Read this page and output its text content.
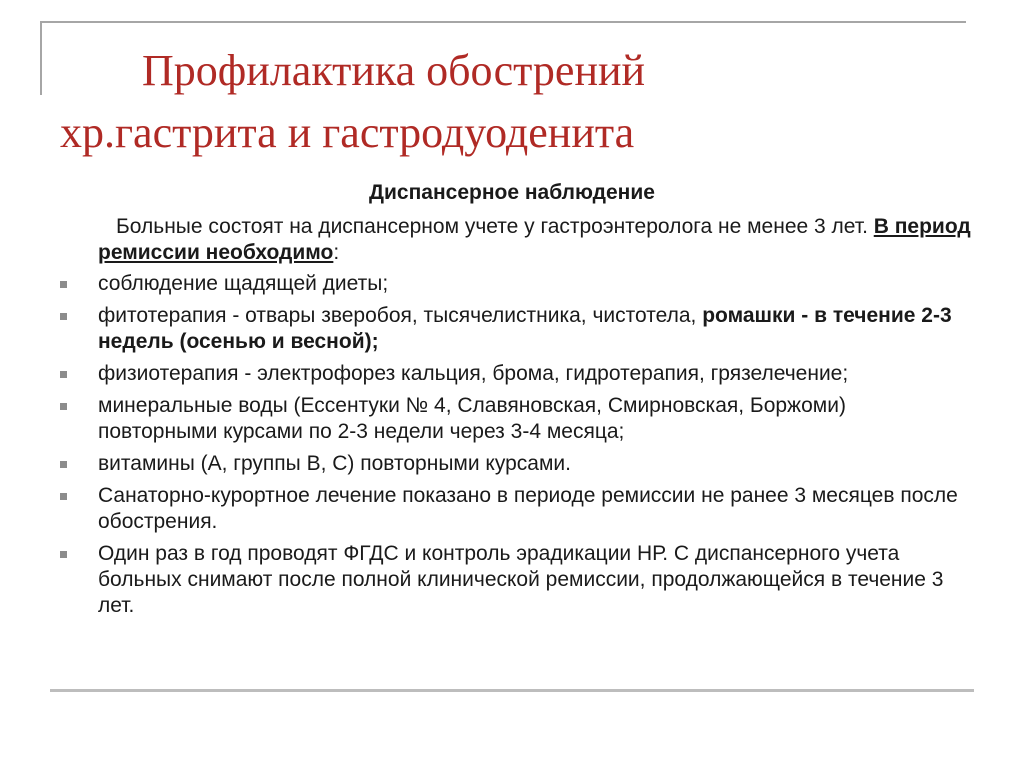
Профилактика обострений
хр.гастрита и гастродуоденита
Диспансерное наблюдение
Больные состоят на диспансерном учете у гастроэнтеролога не менее 3 лет. В период ремиссии необходимо:
соблюдение щадящей диеты;
фитотерапия - отвары зверобоя, тысячелистника, чистотела, ромашки - в течение 2-3 недель (осенью и весной);
физиотерапия - электрофорез кальция, брома, гидротерапия, грязелечение;
минеральные воды (Ессентуки № 4, Славяновская, Смирновская, Боржоми) повторными курсами по 2-3 недели через 3-4 месяца;
витамины (А, группы В, С) повторными курсами.
Санаторно-курортное лечение показано в периоде ремиссии не ранее 3 месяцев после обострения.
Один раз в год проводят ФГДС и контроль эрадикации НР. С диспансерного учета больных снимают после полной клинической ремиссии, продолжающейся в течение 3 лет.
